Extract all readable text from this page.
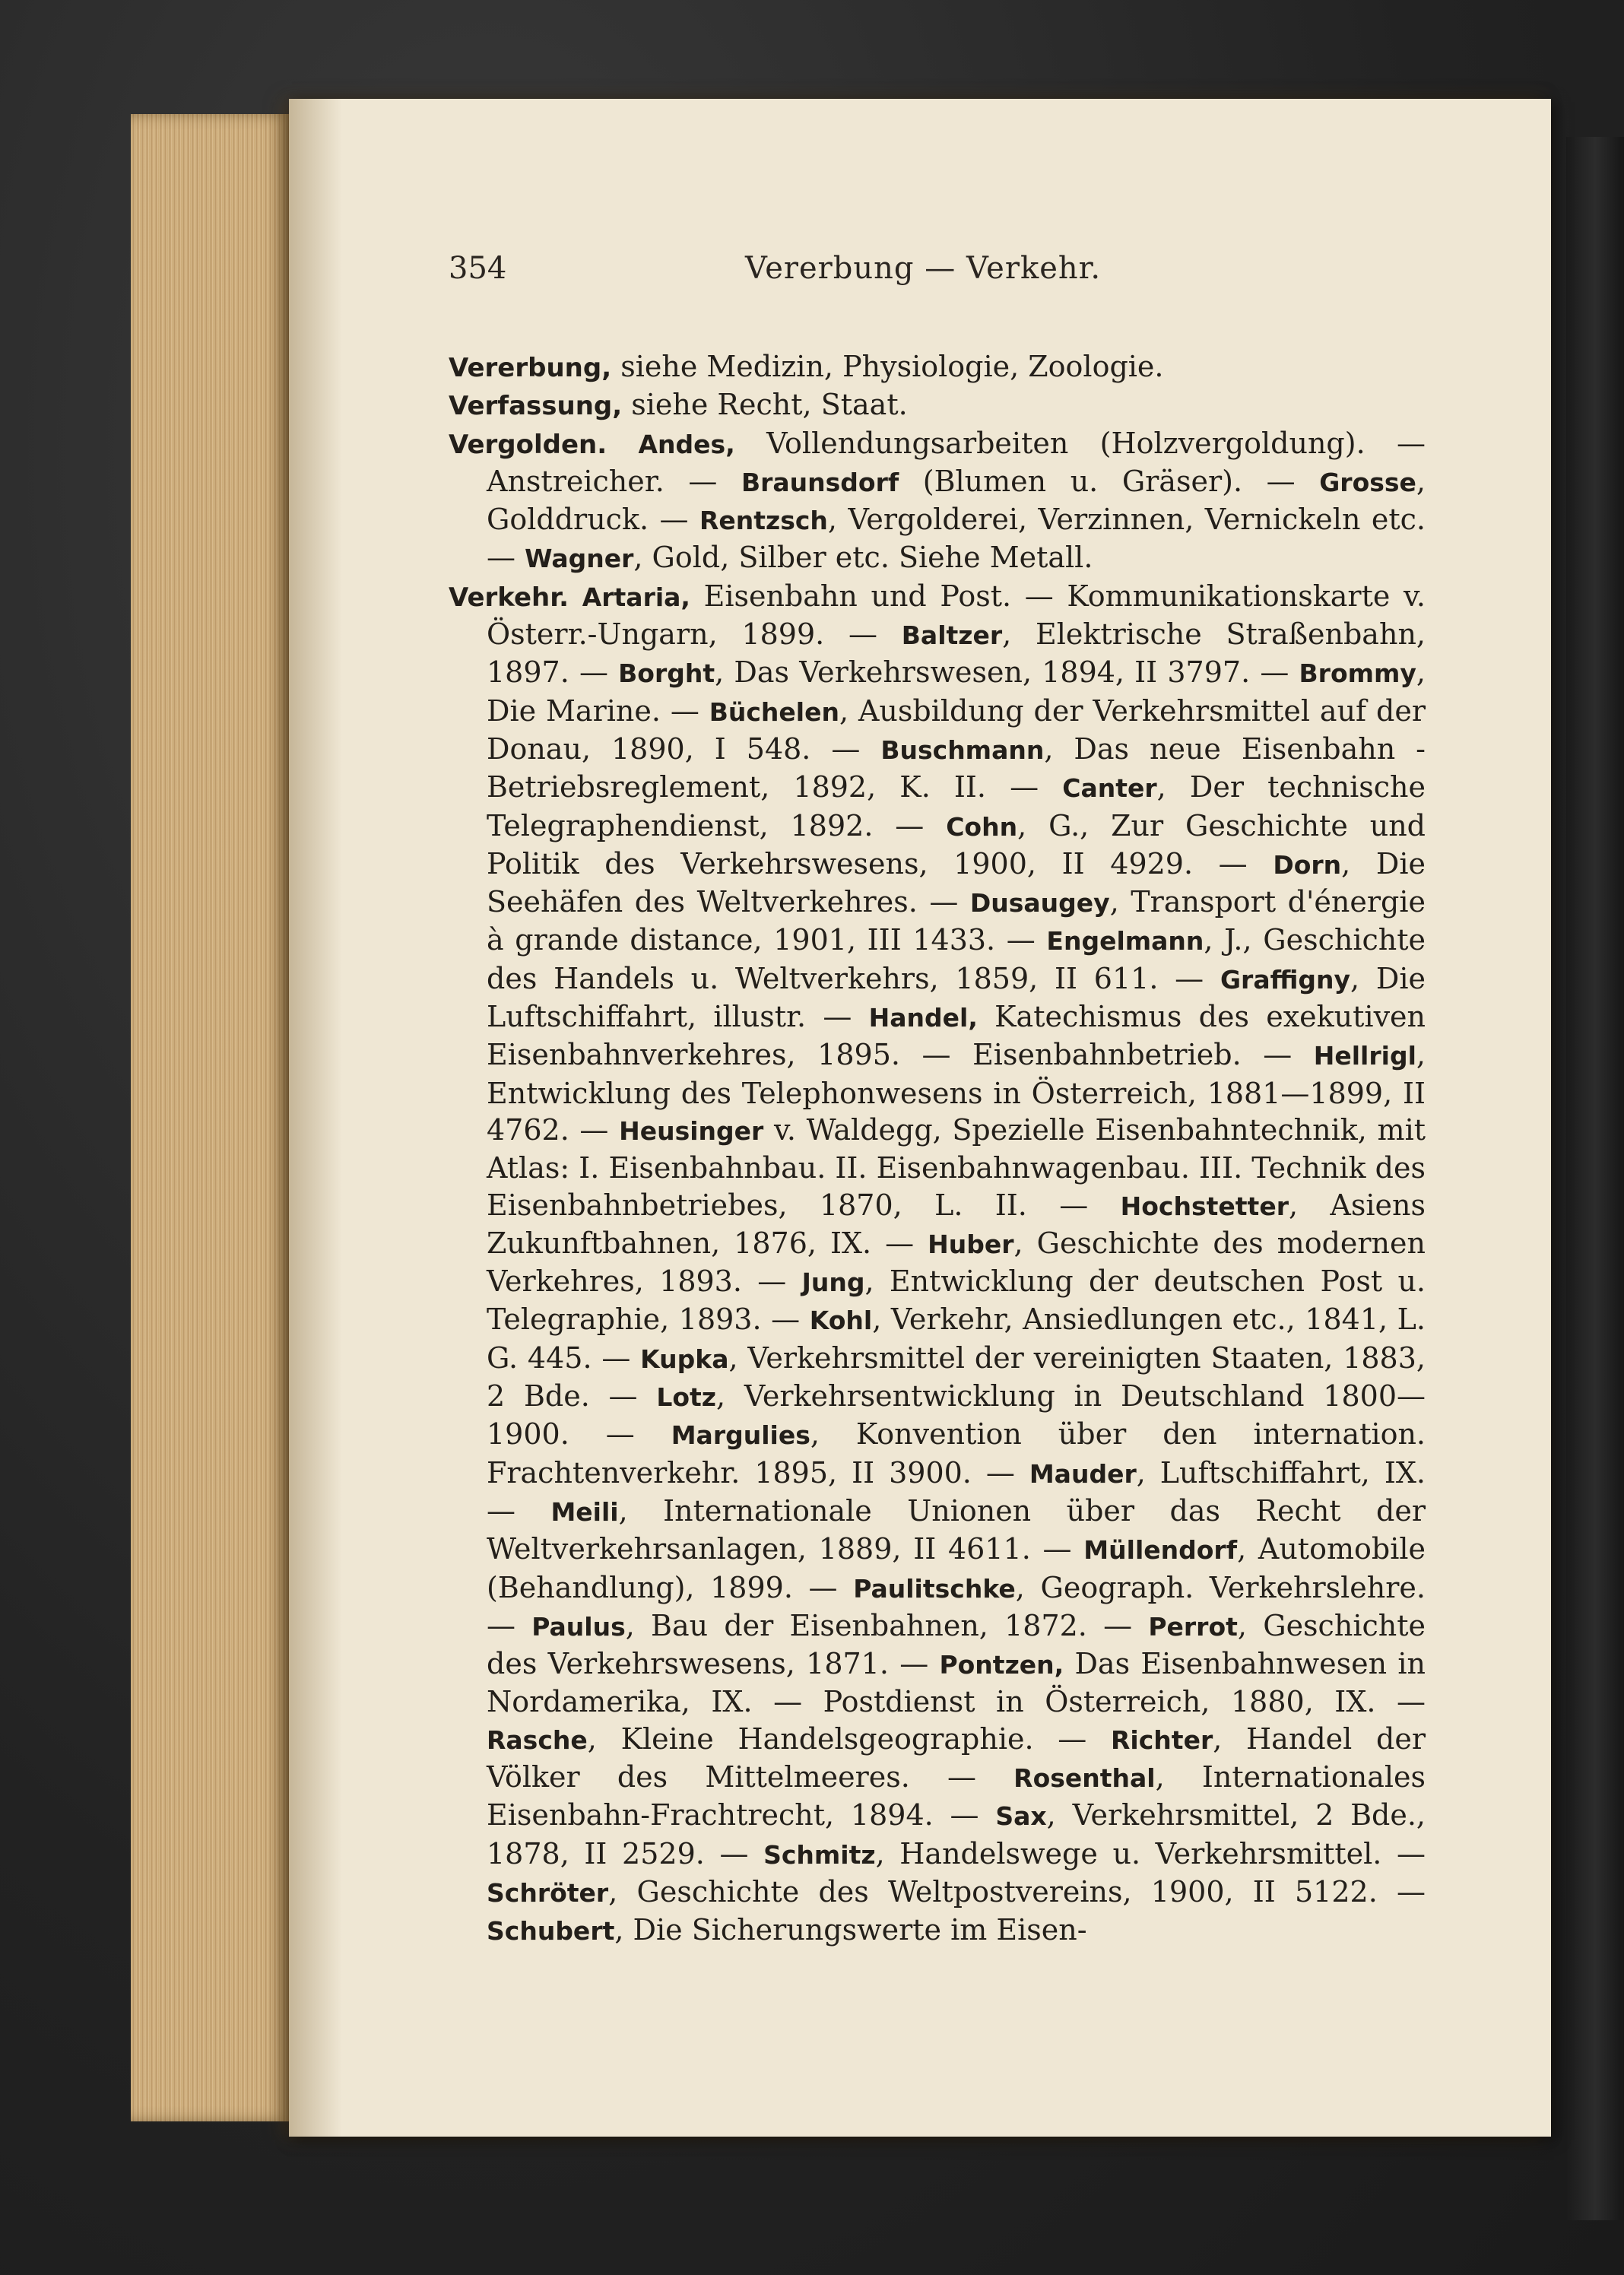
354	Vererbung — Verkehr.

Vererbung, siehe Medizin, Physiologie, Zoologie.

Verfassung, siehe Recht, Staat.

Vergolden. Andes, Vollendungsarbeiten (Holzvergoldung). — Anstreicher. — Braunsdorf (Blumen u. Gräser). — Grosse, Golddruck. — Rentzsch, Vergolderei, Verzinnen, Vernickeln etc. — Wagner, Gold, Silber etc. Siehe Metall.

Verkehr. Artaria, Eisenbahn und Post. — Kommunikationskarte v. Österr.-Ungarn, 1899. — Baltzer, Elektrische Straßenbahn, 1897. — Borght, Das Verkehrswesen, 1894, II 3797. — Brommy, Die Marine. — Büchelen, Ausbildung der Verkehrsmittel auf der Donau, 1890, I 548. — Buschmann, Das neue Eisenbahn - Betriebsreglement, 1892, K. II. — Canter, Der technische Telegraphendienst, 1892. — Cohn, G., Zur Geschichte und Politik des Verkehrswesens, 1900, II 4929. — Dorn, Die Seehäfen des Weltverkehres. — Dusaugey, Transport d'énergie à grande distance, 1901, III 1433. — Engelmann, J., Geschichte des Handels u. Weltverkehrs, 1859, II 611. — Graffigny, Die Luftschiffahrt, illustr. — Handel, Katechismus des exekutiven Eisenbahnverkehres, 1895. — Eisenbahnbetrieb. — Hellrigl, Entwicklung des Telephonwesens in Österreich, 1881—1899, II 4762. — Heusinger v. Waldegg, Spezielle Eisenbahntechnik, mit Atlas: I. Eisenbahnbau. II. Eisenbahnwagenbau. III. Technik des Eisenbahnbetriebes, 1870, L. II. — Hochstetter, Asiens Zukunftbahnen, 1876, IX. — Huber, Geschichte des modernen Verkehres, 1893. — Jung, Entwicklung der deutschen Post u. Telegraphie, 1893. — Kohl, Verkehr, Ansiedlungen etc., 1841, L. G. 445. — Kupka, Verkehrsmittel der vereinigten Staaten, 1883, 2 Bde. — Lotz, Verkehrsentwicklung in Deutschland 1800—1900. — Margulies, Konvention über den internation. Frachtenverkehr. 1895, II 3900. — Mauder, Luftschiffahrt, IX. — Meili, Internationale Unionen über das Recht der Weltverkehrsanlagen, 1889, II 4611. — Müllendorf, Automobile (Behandlung), 1899. — Paulitschke, Geograph. Verkehrslehre. — Paulus, Bau der Eisenbahnen, 1872. — Perrot, Geschichte des Verkehrswesens, 1871. — Pontzen, Das Eisenbahnwesen in Nordamerika, IX. — Postdienst in Österreich, 1880, IX. — Rasche, Kleine Handelsgeographie. — Richter, Handel der Völker des Mittelmeeres. — Rosenthal, Internationales Eisenbahn-Frachtrecht, 1894. — Sax, Verkehrsmittel, 2 Bde., 1878, II 2529. — Schmitz, Handelswege u. Verkehrsmittel. — Schröter, Geschichte des Weltpostvereins, 1900, II 5122. — Schubert, Die Sicherungswerte im Eisen-
